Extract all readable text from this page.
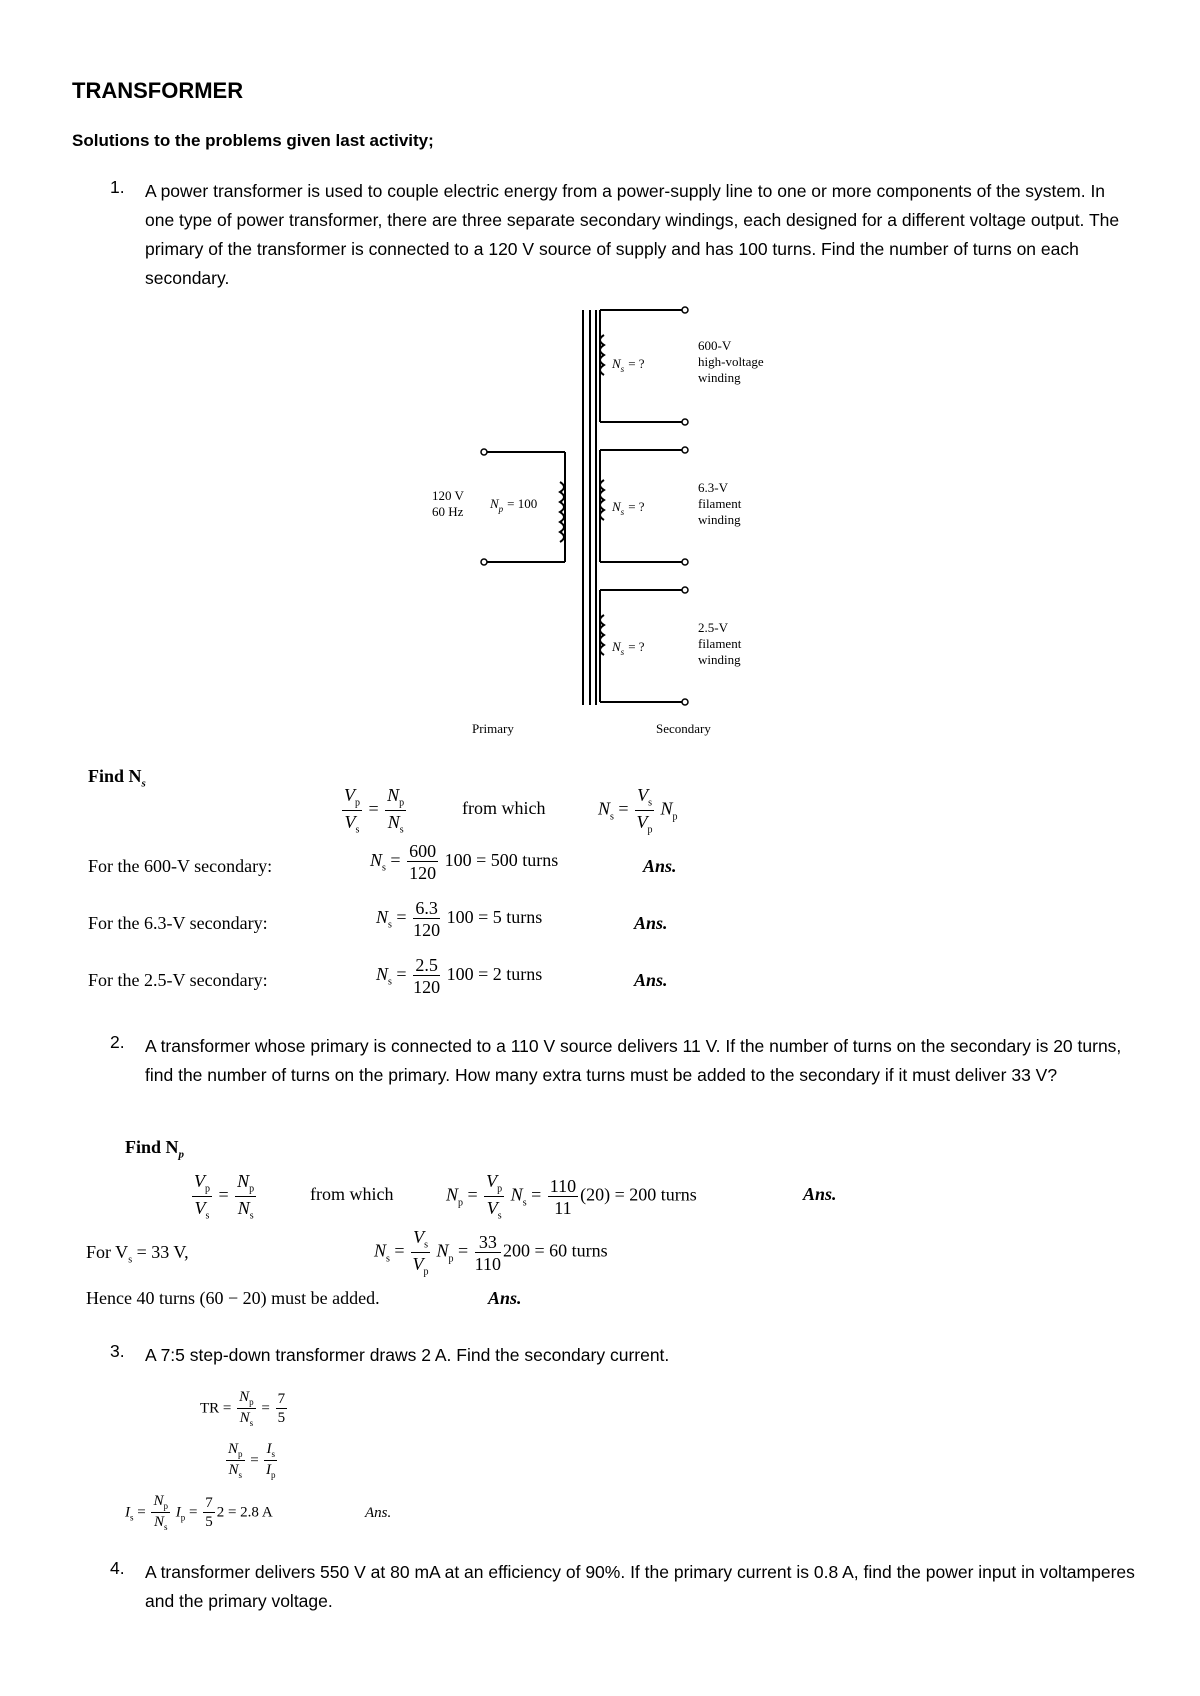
TRANSFORMER
Solutions to the problems given last activity;
1. A power transformer is used to couple electric energy from a power-supply line to one or more components of the system. In one type of power transformer, there are three separate secondary windings, each designed for a different voltage output. The primary of the transformer is connected to a 120 V source of supply and has 100 turns. Find the number of turns on each secondary.
120 V
60 Hz
$N_p = 100$
$N_s$ = ?
$N_s$ = ?
$N_s$ = ?
600-V
high-voltage
winding
6.3-V
filament
winding
2.5-V
filament
winding
Primary	Secondary
Find $N_s$
$\frac{V_p}{V_s} = \frac{N_p}{N_s}$	from which	$N_s = \frac{V_s}{V_p} N_p$
For the 600-V secondary:	$N_s = \frac{600}{120} 100 = 500$ turns	Ans.
For the 6.3-V secondary:	$N_s = \frac{6.3}{120} 100 = 5$ turns	Ans.
For the 2.5-V secondary:	$N_s = \frac{2.5}{120} 100 = 2$ turns	Ans.
2. A transformer whose primary is connected to a 110 V source delivers 11 V. If the number of turns on the secondary is 20 turns, find the number of turns on the primary. How many extra turns must be added to the secondary if it must deliver 33 V?
Find $N_p$
$\frac{V_p}{V_s} = \frac{N_p}{N_s}$	from which	$N_p = \frac{V_p}{V_s} N_s = \frac{110}{11} (20) = 200$ turns	Ans.
For $V_s = 33$ V,	$N_s = \frac{V_s}{V_p} N_p = \frac{33}{110} 200 = 60$ turns
Hence 40 turns (60 − 20) must be added.	Ans.
3. A 7:5 step-down transformer draws 2 A. Find the secondary current.
TR = $\frac{N_p}{N_s} = \frac{7}{5}$
$\frac{N_p}{N_s} = \frac{I_s}{I_p}$
$I_s = \frac{N_p}{N_s} I_p = \frac{7}{5} 2 = 2.8$ A	Ans.
4. A transformer delivers 550 V at 80 mA at an efficiency of 90%. If the primary current is 0.8 A, find the power input in voltamperes and the primary voltage.
